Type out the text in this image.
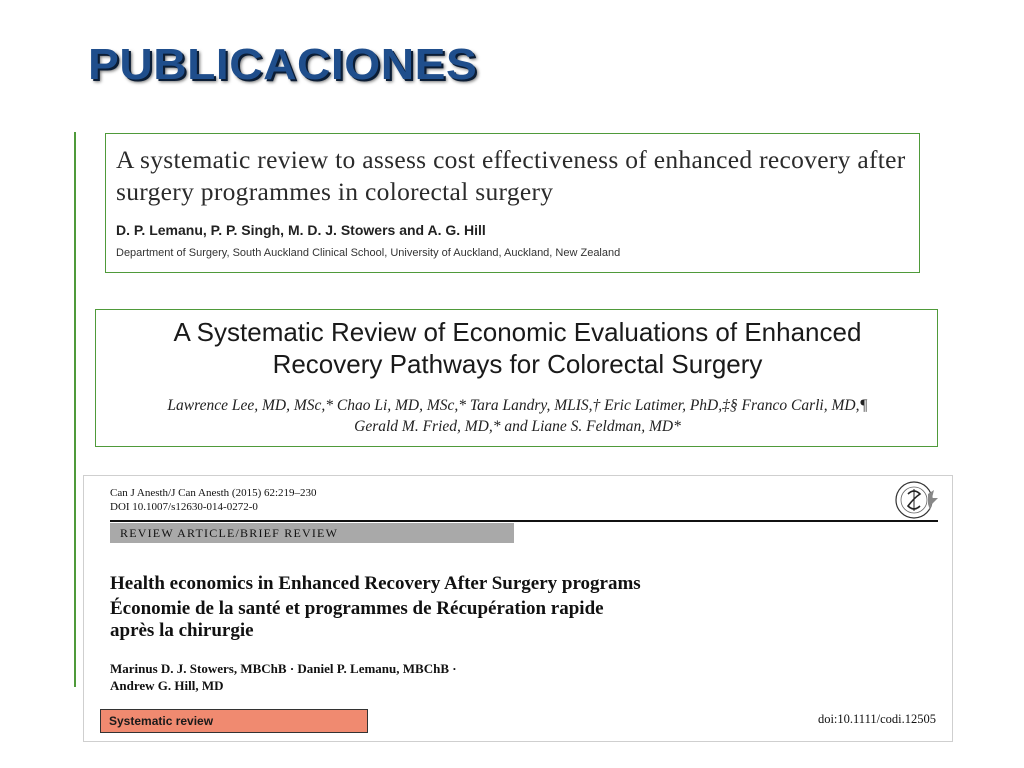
PUBLICACIONES
A systematic review to assess cost effectiveness of enhanced recovery after surgery programmes in colorectal surgery
D. P. Lemanu, P. P. Singh, M. D. J. Stowers and A. G. Hill
Department of Surgery, South Auckland Clinical School, University of Auckland, Auckland, New Zealand
A Systematic Review of Economic Evaluations of Enhanced
Recovery Pathways for Colorectal Surgery
Lawrence Lee, MD, MSc,* Chao Li, MD, MSc,* Tara Landry, MLIS,† Eric Latimer, PhD,‡§ Franco Carli, MD,¶
Gerald M. Fried, MD,* and Liane S. Feldman, MD*
Can J Anesth/J Can Anesth (2015) 62:219–230
DOI 10.1007/s12630-014-0272-0
REVIEW ARTICLE/BRIEF REVIEW
Health economics in Enhanced Recovery After Surgery programs
Économie de la santé et programmes de Récupération rapide
après la chirurgie
Marinus D. J. Stowers, MBChB · Daniel P. Lemanu, MBChB ·
Andrew G. Hill, MD
Systematic review	doi:10.1111/codi.12505
